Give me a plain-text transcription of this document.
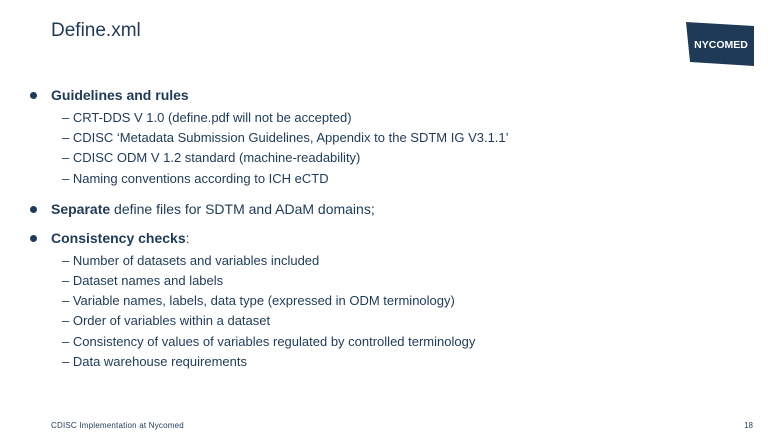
Define.xml
NYCOMED
Guidelines and rules
– CRT-DDS V 1.0 (define.pdf will not be accepted)
– CDISC ‘Metadata Submission Guidelines, Appendix to the SDTM IG V3.1.1’
– CDISC ODM V 1.2 standard (machine-readability)
– Naming conventions according to ICH eCTD
Separate define files for SDTM and ADaM domains;
Consistency checks:
– Number of datasets and variables included
– Dataset names and labels
– Variable names, labels, data type (expressed in ODM terminology)
– Order of variables within a dataset
– Consistency of values of variables regulated by controlled terminology
– Data warehouse requirements
CDISC Implementation at Nycomed	18
